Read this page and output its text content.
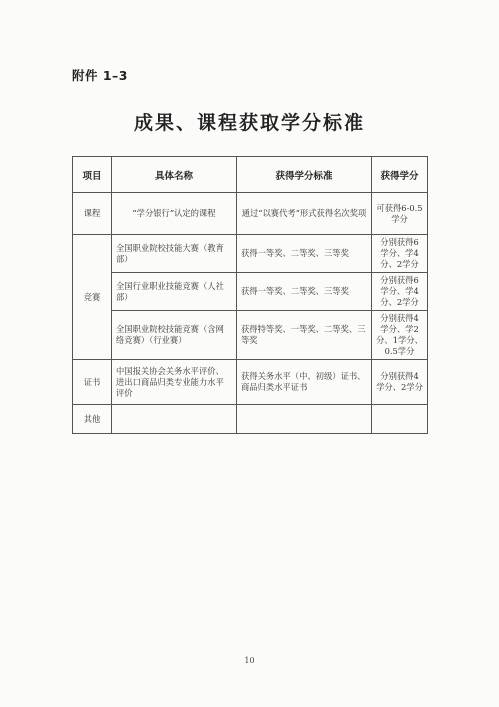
附件 1–3
成果、课程获取学分标准
项目	具体名称	获得学分标准	获得学分
课程	“学分银行”认定的课程	通过“以赛代考”形式获得名次奖项	可获得6-0.5 学分
竞赛	全国职业院校技能大赛（教育部）	获得一等奖、二等奖、三等奖	分别获得6 学分、学4分、2学分
	全国行业职业技能竞赛（人社部）	获得一等奖、二等奖、三等奖	分别获得6 学分、学4分、2学分
	全国职业院校技能竞赛（含网络竞赛）（行业赛）	获得特等奖、一等奖、二等奖、三等奖	分别获得4 学分、学2分、1学分、0.5学分
证书	中国报关协会关务水平评价、进出口商品归类专业能力水平评价	获得关务水平（中、初级）证书、商品归类水平证书	分别获得4 学分、2学分
其他			
10
